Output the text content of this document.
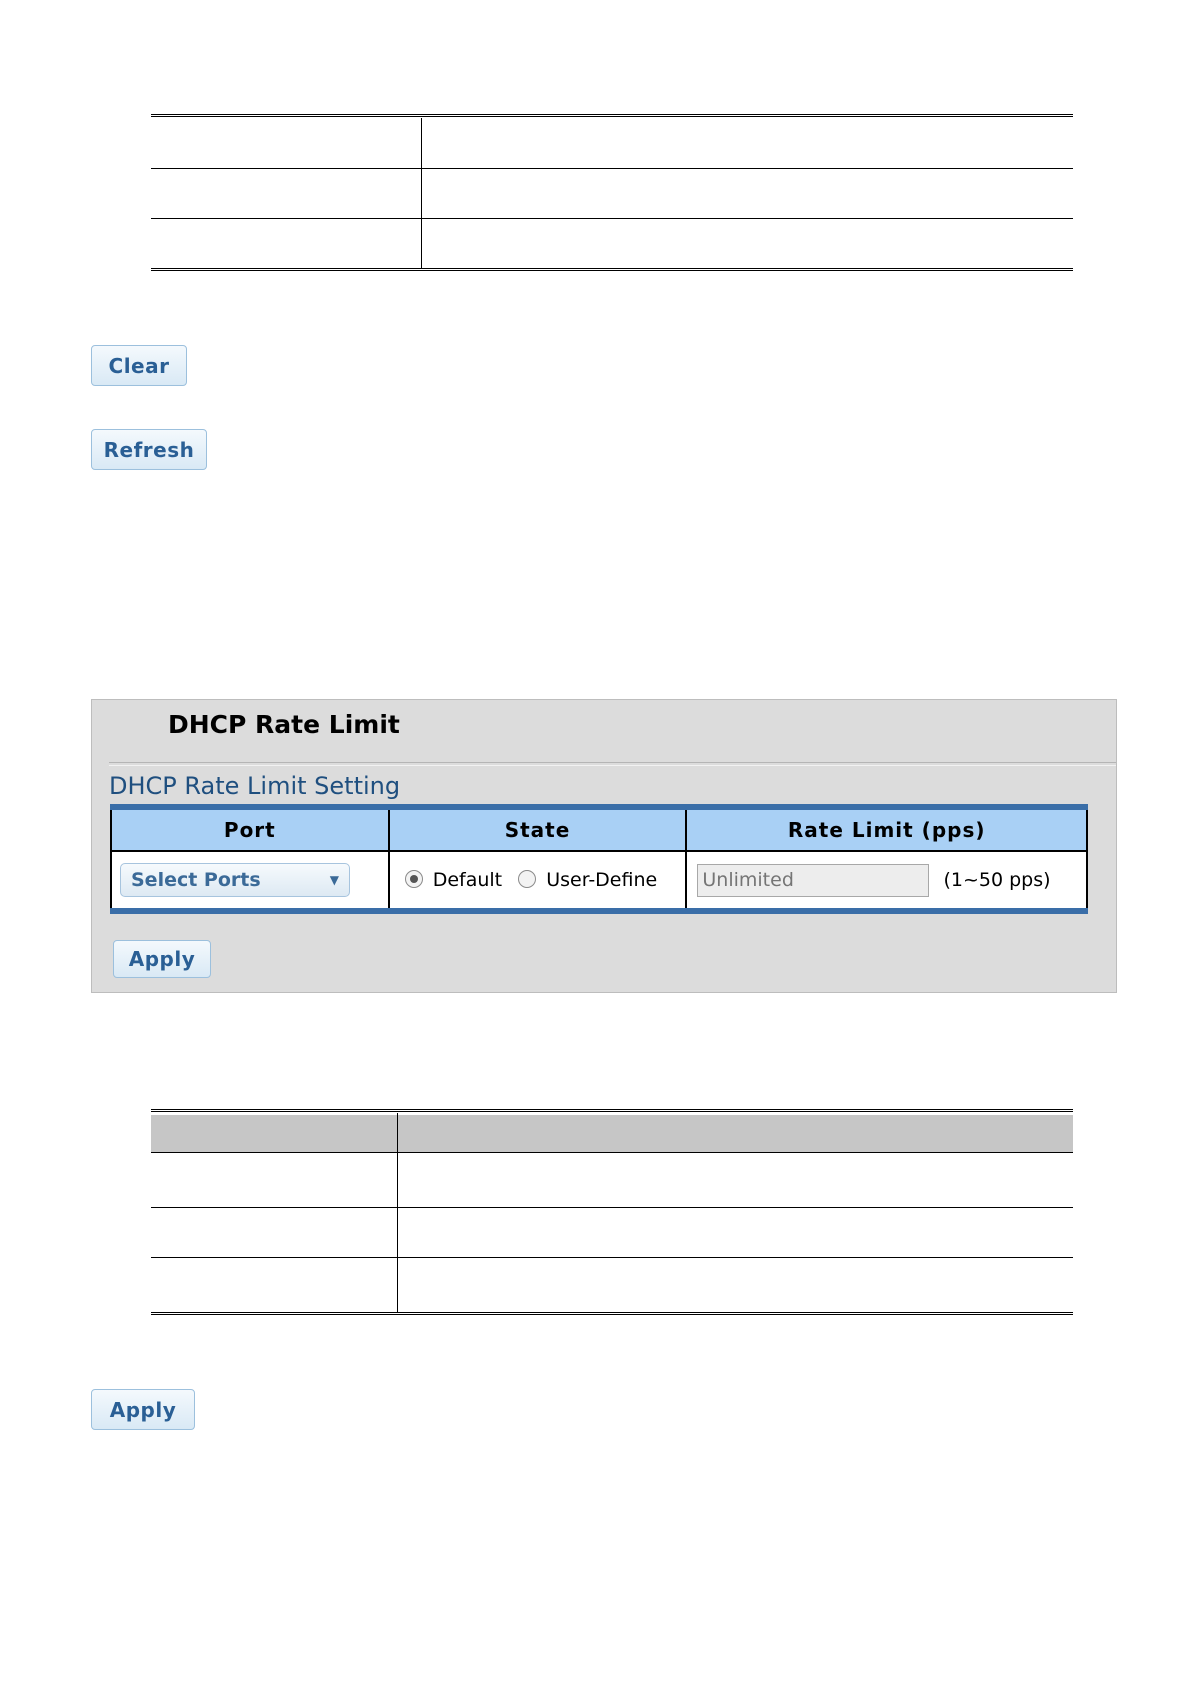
Clear
Refresh
DHCP Rate Limit
DHCP Rate Limit Setting
Port	State	Rate Limit (pps)

Select Ports ▼	Default User-Define	Unlimited(1~50 pps)
Apply
Apply
